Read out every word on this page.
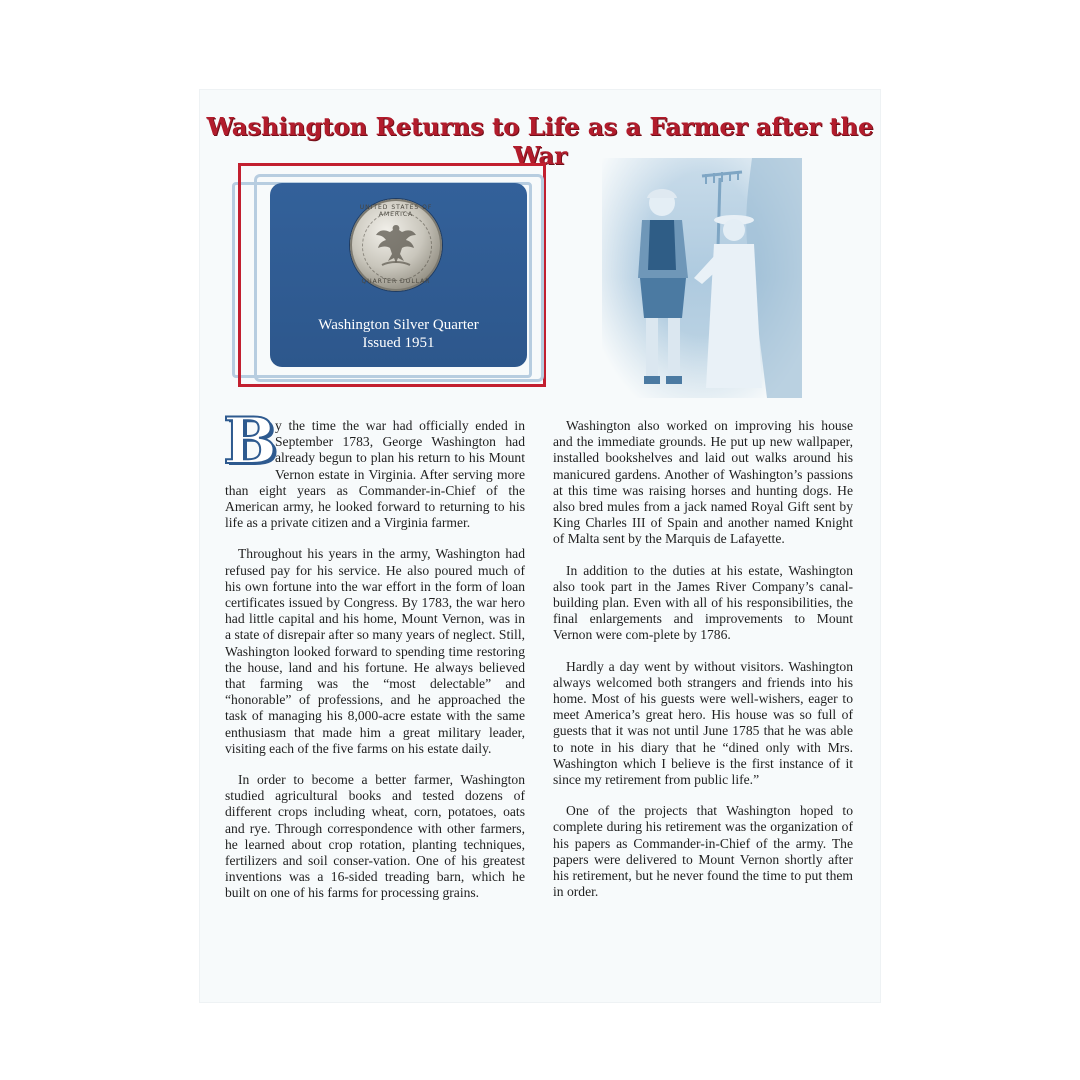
Washington Returns to Life as a Farmer after the War
UNITED STATES OF AMERICA
QUARTER DOLLAR
Washington Silver Quarter
Issued 1951

B
y the time the war had officially ended in September 1783, George Washington had already begun to plan his return to his Mount Vernon estate in Virginia. After serving more than eight years as Commander-in-Chief of the American army, he looked forward to returning to his life as a private citizen and a Virginia farmer.

Throughout his years in the army, Washington had refused pay for his service. He also poured much of his own fortune into the war effort in the form of loan certificates issued by Congress. By 1783, the war hero had little capital and his home, Mount Vernon, was in a state of disrepair after so many years of neglect. Still, Washington looked forward to spending time restoring the house, land and his fortune. He always believed that farming was the “most delectable” and “honorable” of professions, and he approached the task of managing his 8,000-acre estate with the same enthusiasm that made him a great military leader, visiting each of the five farms on his estate daily.

In order to become a better farmer, Washington studied agricultural books and tested dozens of different crops including wheat, corn, potatoes, oats and rye. Through correspondence with other farmers, he learned about crop rotation, planting techniques, fertilizers and soil conser-vation. One of his greatest inventions was a 16-sided treading barn, which he built on one of his farms for processing grains.

Washington also worked on improving his house and the immediate grounds. He put up new wallpaper, installed bookshelves and laid out walks around his manicured gardens. Another of Washington’s passions at this time was raising horses and hunting dogs. He also bred mules from a jack named Royal Gift sent by King Charles III of Spain and another named Knight of Malta sent by the Marquis de Lafayette.

In addition to the duties at his estate, Washington also took part in the James River Company’s canal-building plan. Even with all of his responsibilities, the final enlargements and improvements to Mount Vernon were com-plete by 1786.

Hardly a day went by without visitors. Washington always welcomed both strangers and friends into his home. Most of his guests were well-wishers, eager to meet America’s great hero. His house was so full of guests that it was not until June 1785 that he was able to note in his diary that he “dined only with Mrs. Washington which I believe is the first instance of it since my retirement from public life.”

One of the projects that Washington hoped to complete during his retirement was the organization of his papers as Commander-in-Chief of the army. The papers were delivered to Mount Vernon shortly after his retirement, but he never found the time to put them in order.
